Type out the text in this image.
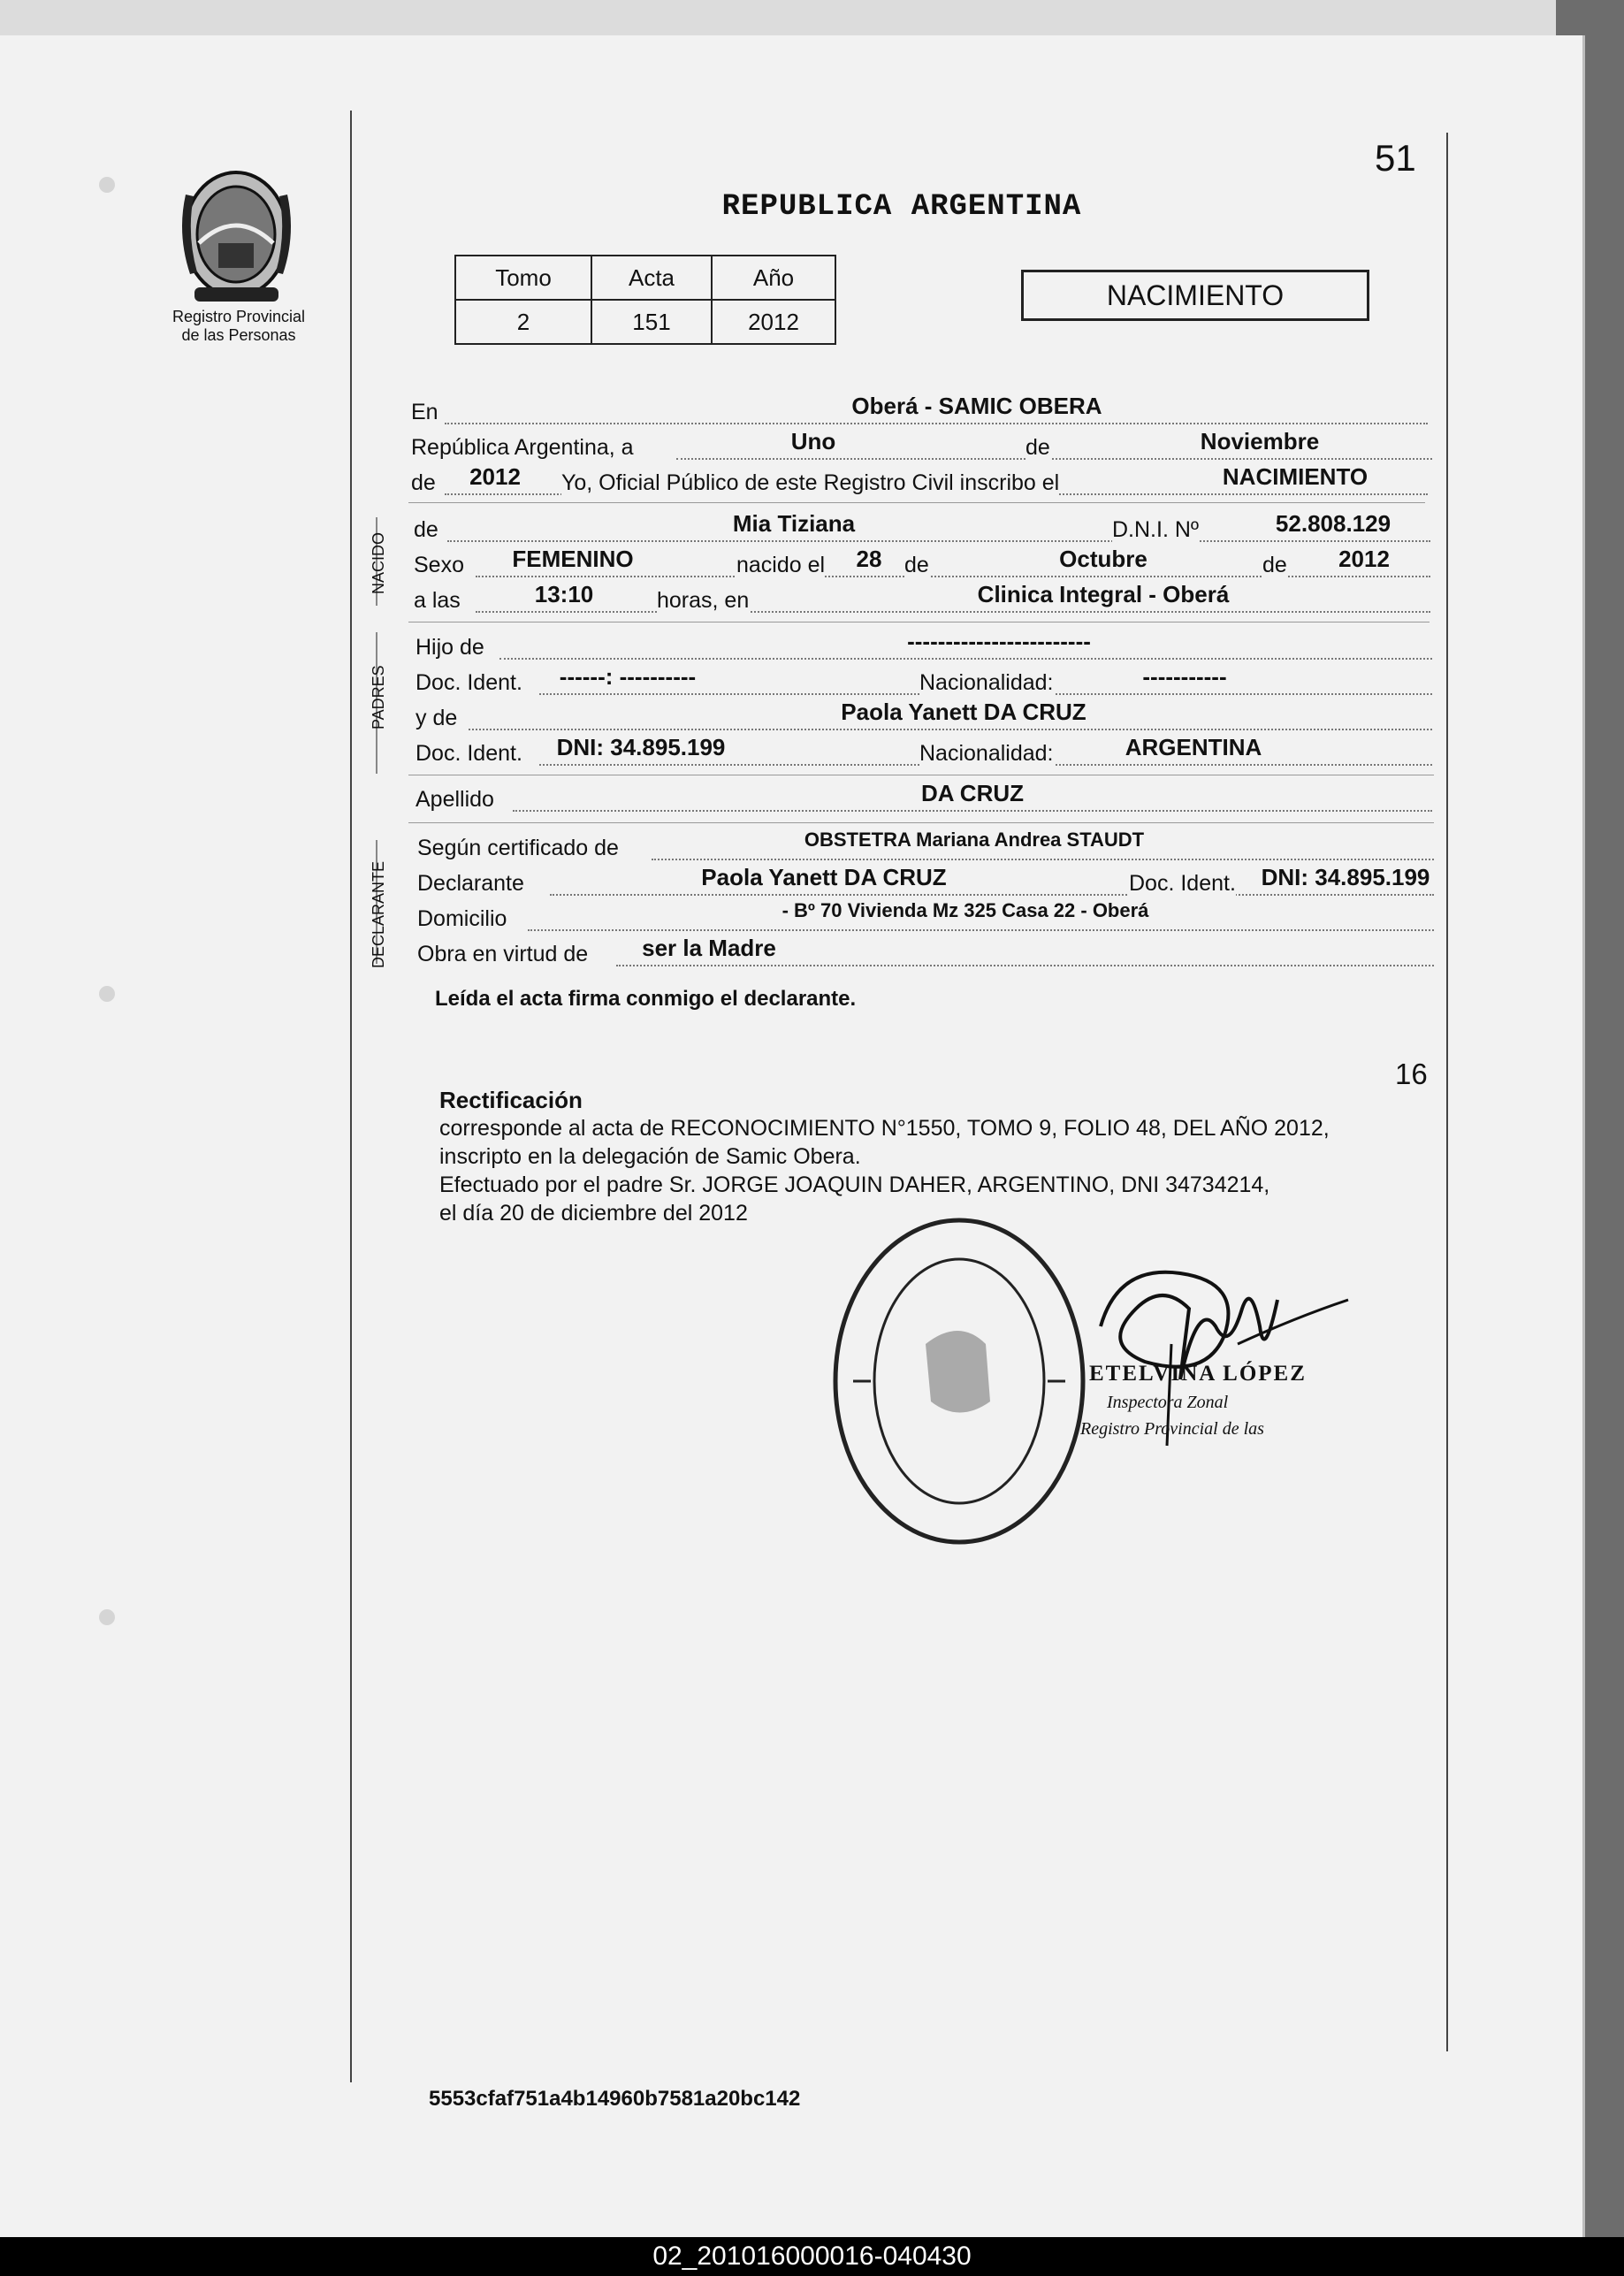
51
Registro Provincial
de las Personas
REPUBLICA ARGENTINA
Tomo	Acta	Año
2	151	2012
NACIMIENTO
En	Oberá - SAMIC OBERA
República Argentina, a	Uno	de	Noviembre
de	2012	Yo, Oficial Público de este Registro Civil inscribo el	NACIMIENTO
NACIDO
de	Mia Tiziana	D.N.I. Nº	52.808.129
Sexo	FEMENINO	nacido el 28 de	Octubre	de	2012
a las	13:10	horas, en	Clinica Integral - Oberá
PADRES
Hijo de	------------------------
Doc. Ident.	------: ----------	Nacionalidad:	-----------
y de	Paola Yanett DA CRUZ
Doc. Ident.	DNI: 34.895.199	Nacionalidad:	ARGENTINA
Apellido	DA CRUZ
DECLARANTE
Según certificado de	OBSTETRA Mariana Andrea STAUDT
Declarante	Paola Yanett DA CRUZ	Doc. Ident.	DNI: 34.895.199
Domicilio	- Bº 70 Vivienda Mz 325 Casa 22 - Oberá
Obra en virtud de	ser la Madre
Leída el acta firma conmigo el declarante.
16
Rectificación
corresponde al acta de RECONOCIMIENTO N°1550, TOMO 9, FOLIO 48, DEL AÑO 2012,
inscripto en la delegación de Samic Obera.
Efectuado por el padre Sr. JORGE JOAQUIN DAHER, ARGENTINO, DNI 34734214,
el día 20 de diciembre del 2012
ETELVINA LÓPEZ
Inspectora Zonal
Registro Provincial de las
5553cfaf751a4b14960b7581a20bc142
02_201016000016-040430
